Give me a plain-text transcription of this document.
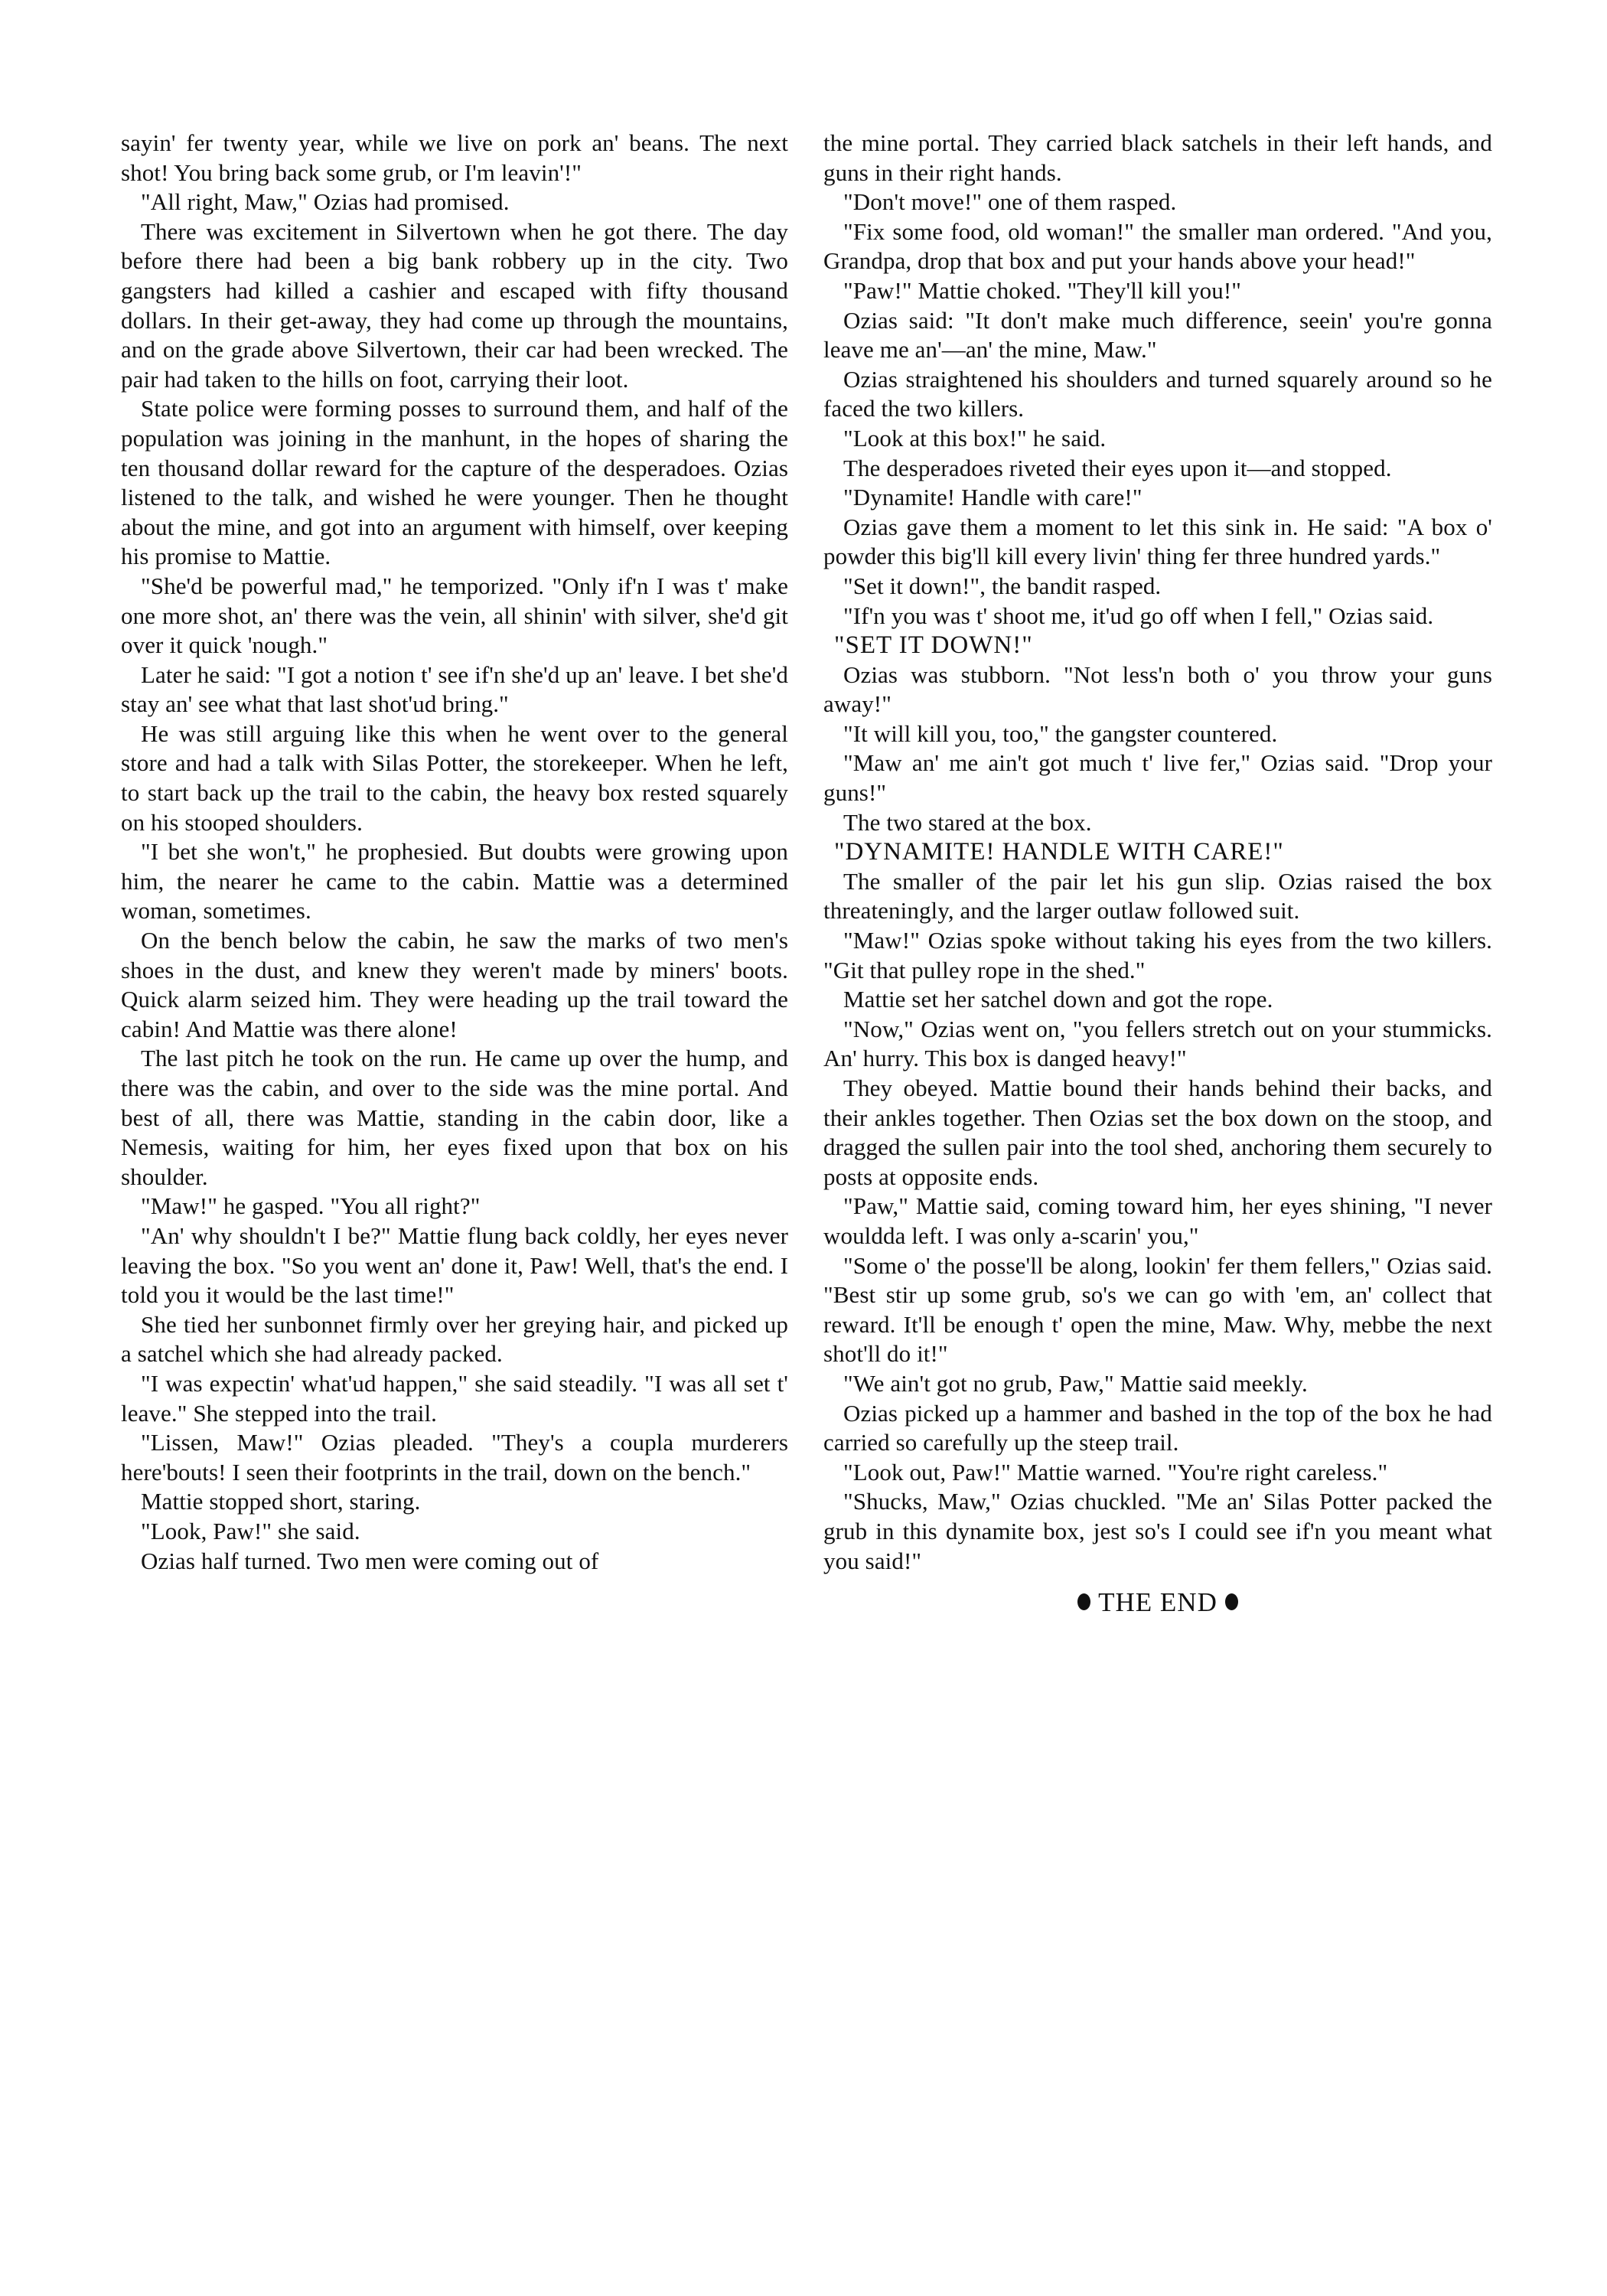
sayin' fer twenty year, while we live on pork an' beans. The next shot! You bring back some grub, or I'm leavin'!"

"All right, Maw," Ozias had promised.

There was excitement in Silvertown when he got there. The day before there had been a big bank robbery up in the city. Two gangsters had killed a cashier and escaped with fifty thousand dollars. In their get-away, they had come up through the mountains, and on the grade above Silvertown, their car had been wrecked. The pair had taken to the hills on foot, carrying their loot.

State police were forming posses to surround them, and half of the population was joining in the manhunt, in the hopes of sharing the ten thousand dollar reward for the capture of the desperadoes. Ozias listened to the talk, and wished he were younger. Then he thought about the mine, and got into an argument with himself, over keeping his promise to Mattie.

"She'd be powerful mad," he temporized. "Only if'n I was t' make one more shot, an' there was the vein, all shinin' with silver, she'd git over it quick 'nough."

Later he said: "I got a notion t' see if'n she'd up an' leave. I bet she'd stay an' see what that last shot'ud bring."

He was still arguing like this when he went over to the general store and had a talk with Silas Potter, the storekeeper. When he left, to start back up the trail to the cabin, the heavy box rested squarely on his stooped shoulders.

"I bet she won't," he prophesied. But doubts were growing upon him, the nearer he came to the cabin. Mattie was a determined woman, sometimes.

On the bench below the cabin, he saw the marks of two men's shoes in the dust, and knew they weren't made by miners' boots. Quick alarm seized him. They were heading up the trail toward the cabin! And Mattie was there alone!

The last pitch he took on the run. He came up over the hump, and there was the cabin, and over to the side was the mine portal. And best of all, there was Mattie, standing in the cabin door, like a Nemesis, waiting for him, her eyes fixed upon that box on his shoulder.

"Maw!" he gasped. "You all right?"

"An' why shouldn't I be?" Mattie flung back coldly, her eyes never leaving the box. "So you went an' done it, Paw! Well, that's the end. I told you it would be the last time!"

She tied her sunbonnet firmly over her greying hair, and picked up a satchel which she had already packed.

"I was expectin' what'ud happen," she said steadily. "I was all set t' leave." She stepped into the trail.

"Lissen, Maw!" Ozias pleaded. "They's a coupla murderers here'bouts! I seen their footprints in the trail, down on the bench."

Mattie stopped short, staring.

"Look, Paw!" she said.

Ozias half turned. Two men were coming out of

the mine portal. They carried black satchels in their left hands, and guns in their right hands.

"Don't move!" one of them rasped.

"Fix some food, old woman!" the smaller man ordered. "And you, Grandpa, drop that box and put your hands above your head!"

"Paw!" Mattie choked. "They'll kill you!"

Ozias said: "It don't make much difference, seein' you're gonna leave me an'—an' the mine, Maw."

Ozias straightened his shoulders and turned squarely around so he faced the two killers.

"Look at this box!" he said.

The desperadoes riveted their eyes upon it—and stopped.

"Dynamite! Handle with care!"

Ozias gave them a moment to let this sink in. He said: "A box o' powder this big'll kill every livin' thing fer three hundred yards."

"Set it down!", the bandit rasped.

"If'n you was t' shoot me, it'ud go off when I fell," Ozias said.

"SET IT DOWN!"

Ozias was stubborn. "Not less'n both o' you throw your guns away!"

"It will kill you, too," the gangster countered.

"Maw an' me ain't got much t' live fer," Ozias said. "Drop your guns!"

The two stared at the box.

"DYNAMITE! HANDLE WITH CARE!"

The smaller of the pair let his gun slip. Ozias raised the box threateningly, and the larger outlaw followed suit.

"Maw!" Ozias spoke without taking his eyes from the two killers. "Git that pulley rope in the shed."

Mattie set her satchel down and got the rope.

"Now," Ozias went on, "you fellers stretch out on your stummicks. An' hurry. This box is danged heavy!"

They obeyed. Mattie bound their hands behind their backs, and their ankles together. Then Ozias set the box down on the stoop, and dragged the sullen pair into the tool shed, anchoring them securely to posts at opposite ends.

"Paw," Mattie said, coming toward him, her eyes shining, "I never wouldda left. I was only a-scarin' you,"

"Some o' the posse'll be along, lookin' fer them fellers," Ozias said. "Best stir up some grub, so's we can go with 'em, an' collect that reward. It'll be enough t' open the mine, Maw. Why, mebbe the next shot'll do it!"

"We ain't got no grub, Paw," Mattie said meekly.

Ozias picked up a hammer and bashed in the top of the box he had carried so carefully up the steep trail.

"Look out, Paw!" Mattie warned. "You're right careless."

"Shucks, Maw," Ozias chuckled. "Me an' Silas Potter packed the grub in this dynamite box, jest so's I could see if'n you meant what you said!"

THE END
